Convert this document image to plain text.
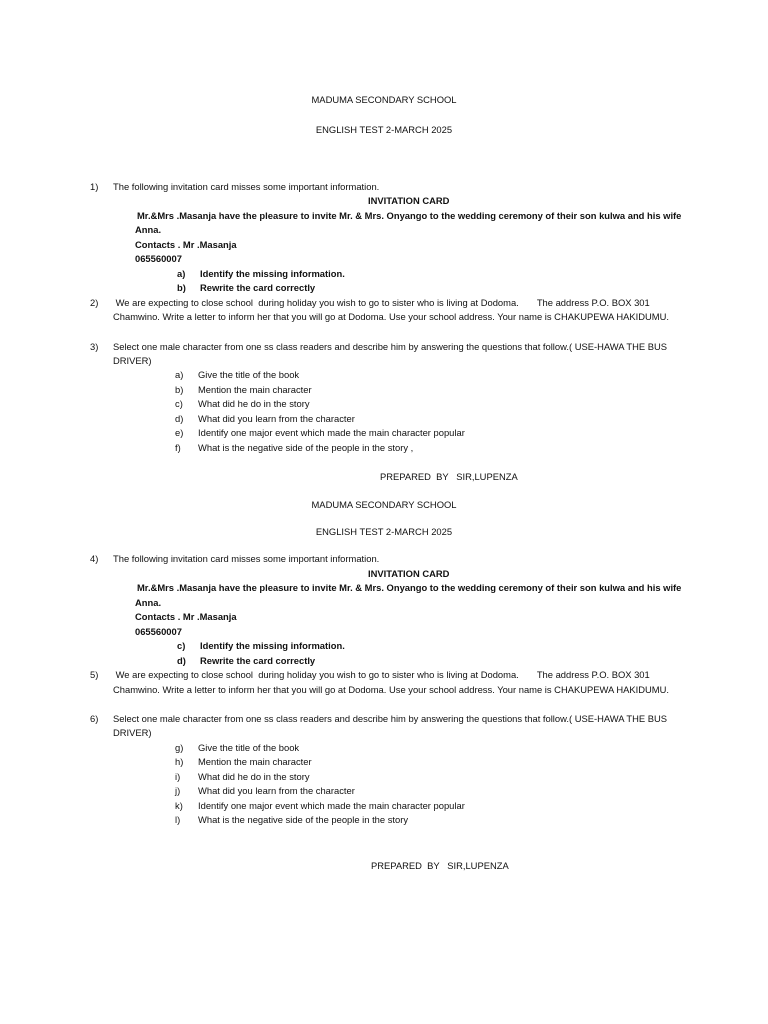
MADUMA SECONDARY SCHOOL
ENGLISH TEST 2-MARCH 2025
1) The following invitation card misses some important information.
INVITATION CARD
Mr.&Mrs .Masanja have the pleasure to invite Mr. & Mrs. Onyango to the wedding ceremony of their son kulwa and his wife
Anna.
Contacts . Mr .Masanja
065560007
a) Identify the missing information.
b) Rewrite the card correctly
2) We are expecting to close school  during holiday you wish to go to sister who is living at Dodoma.       The address P.O. BOX 301
Chamwino. Write a letter to inform her that you will go at Dodoma. Use your school address. Your name is CHAKUPEWA HAKIDUMU.
3) Select one male character from one ss class readers and describe him by answering the questions that follow.( USE-HAWA THE BUS
DRIVER)
a) Give the title of the book
b) Mention the main character
c) What did he do in the story
d) What did you learn from the character
e) Identify one major event which made the main character popular
f) What is the negative side of the people in the story ,
PREPARED  BY   SIR,LUPENZA
MADUMA SECONDARY SCHOOL
ENGLISH TEST 2-MARCH 2025
4) The following invitation card misses some important information.
INVITATION CARD
Mr.&Mrs .Masanja have the pleasure to invite Mr. & Mrs. Onyango to the wedding ceremony of their son kulwa and his wife
Anna.
Contacts . Mr .Masanja
065560007
c) Identify the missing information.
d) Rewrite the card correctly
5) We are expecting to close school  during holiday you wish to go to sister who is living at Dodoma.       The address P.O. BOX 301
Chamwino. Write a letter to inform her that you will go at Dodoma. Use your school address. Your name is CHAKUPEWA HAKIDUMU.
6) Select one male character from one ss class readers and describe him by answering the questions that follow.( USE-HAWA THE BUS
DRIVER)
g) Give the title of the book
h) Mention the main character
i) What did he do in the story
j) What did you learn from the character
k) Identify one major event which made the main character popular
l) What is the negative side of the people in the story
PREPARED  BY   SIR,LUPENZA
